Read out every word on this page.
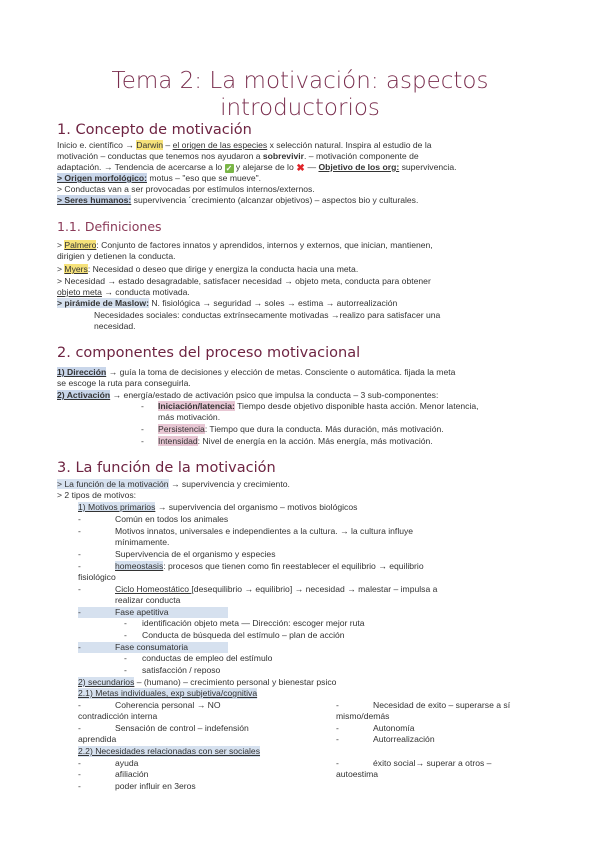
Tema 2: La motivación: aspectos
introductorios
1. Concepto de motivación
Inicio e. científico → Darwin – el origen de las especies x selección natural. Inspira al estudio de la
motivación – conductas que tenemos nos ayudaron a sobrevivir. – motivación componente de
adaptación. → Tendencia de acercarse a lo ✓ y alejarse de lo ✖ — Objetivo de los org: supervivencia.
> Origen morfológico: motus – "eso que se mueve".
> Conductas van a ser provocadas por estímulos internos/externos.
> Seres humanos: supervivencia ´crecimiento (alcanzar objetivos) – aspectos bio y culturales.
1.1. Definiciones
> Palmero: Conjunto de factores innatos y aprendidos, internos y externos, que inician, mantienen,
dirigien y detienen la conducta.
> Myers: Necesidad o deseo que dirige y energiza la conducta hacia una meta.
> Necesidad → estado desagradable, satisfacer necesidad → objeto meta, conducta para obtener
objeto meta → conducta motivada.
> pirámide de Maslow: N. fisiológica → seguridad → soles → estima → autorrealización
Necesidades sociales: conductas extrínsecamente motivadas →realizo para satisfacer una
necesidad.
2. componentes del proceso motivacional
1) Dirección → guía la toma de decisiones y elección de metas. Consciente o automática. fijada la meta
se escoge la ruta para conseguirla.
2) Activación → energía/estado de activación psico que impulsa la conducta – 3 sub-componentes:
- Iniciación/latencia: Tiempo desde objetivo disponible hasta acción. Menor latencia,
más motivación.
- Persistencia: Tiempo que dura la conducta. Más duración, más motivación.
- Intensidad: Nivel de energía en la acción. Más energía, más motivación.
3. La función de la motivación
> La función de la motivación → supervivencia y crecimiento.
> 2 tipos de motivos:
1) Motivos primarios → supervivencia del organismo – motivos biológicos
-	Común en todos los animales
-	Motivos innatos, universales e independientes a la cultura. → la cultura influye
mínimamente.
-	Supervivencia de el organismo y especies
-	homeostasis: procesos que tienen como fin reestablecer el equilibrio → equilibrio
fisiológico
-	Ciclo Homeostático [desequilibrio → equilibrio] → necesidad → malestar – impulsa a
realizar conducta
-	Fase apetitiva
- identificación objeto meta — Dirección: escoger mejor ruta
- Conducta de búsqueda del estímulo – plan de acción
-	Fase consumatoria
- conductas de empleo del estímulo
- satisfacción / reposo
2) secundarios – (humano) – crecimiento personal y bienestar psico
2.1) Metas individuales, exp subjetiva/cognitiva
-	Coherencia personal → NO
contradicción interna
-	Sensación de control – indefensión
aprendida
-	Necesidad de exito – superarse a sí
mismo/demás
-	Autonomía
-	Autorrealización
2.2) Necesidades relacionadas con ser sociales
-	ayuda
-	afiliación
-	poder influir en 3eros
-	éxito social→ superar a otros –
autoestima
